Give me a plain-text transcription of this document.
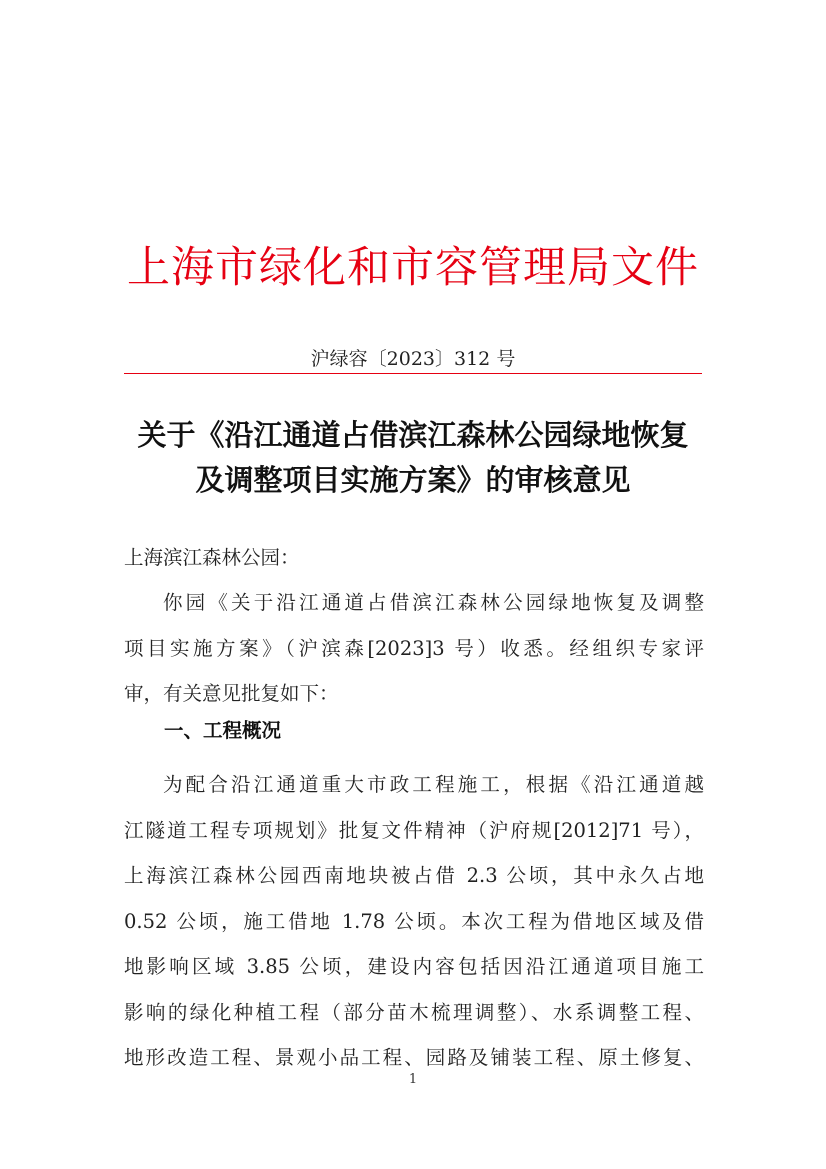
上海市绿化和市容管理局文件
沪绿容〔2023〕312 号
关于《沿江通道占借滨江森林公园绿地恢复
及调整项目实施方案》的审核意见
上海滨江森林公园：
你园《关于沿江通道占借滨江森林公园绿地恢复及调整
项目实施方案》（沪滨森[2023]3 号）收悉。经组织专家评
审，有关意见批复如下：
一、工程概况
为配合沿江通道重大市政工程施工，根据《沿江通道越
江隧道工程专项规划》批复文件精神（沪府规[2012]71 号），
上海滨江森林公园西南地块被占借 2.3 公顷，其中永久占地
0.52 公顷，施工借地 1.78 公顷。本次工程为借地区域及借
地影响区域 3.85 公顷，建设内容包括因沿江通道项目施工
影响的绿化种植工程（部分苗木梳理调整）、水系调整工程、
地形改造工程、景观小品工程、园路及铺装工程、原土修复、
1
